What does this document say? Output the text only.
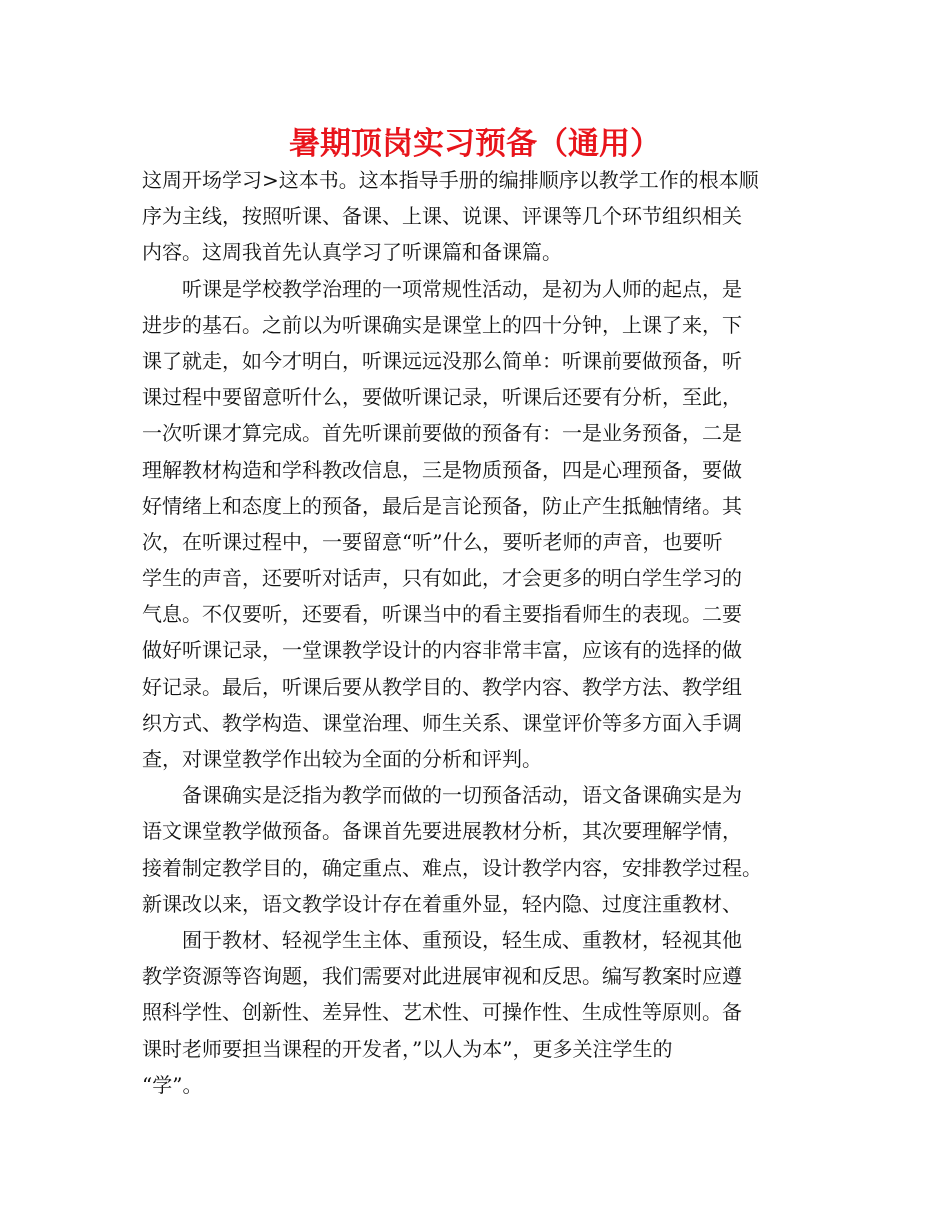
暑期顶岗实习预备（通用）
这周开场学习>这本书。这本指导手册的编排顺序以教学工作的根本顺
序为主线，按照听课、备课、上课、说课、评课等几个环节组织相关
内容。这周我首先认真学习了听课篇和备课篇。
　　听课是学校教学治理的一项常规性活动，是初为人师的起点，是
进步的基石。之前以为听课确实是课堂上的四十分钟，上课了来，下
课了就走，如今才明白，听课远远没那么简单：听课前要做预备，听
课过程中要留意听什么，要做听课记录，听课后还要有分析，至此，
一次听课才算完成。首先听课前要做的预备有：一是业务预备，二是
理解教材构造和学科教改信息，三是物质预备，四是心理预备，要做
好情绪上和态度上的预备，最后是言论预备，防止产生抵触情绪。其
次，在听课过程中，一要留意“听”什么，要听老师的声音，也要听
学生的声音，还要听对话声，只有如此，才会更多的明白学生学习的
气息。不仅要听，还要看，听课当中的看主要指看师生的表现。二要
做好听课记录，一堂课教学设计的内容非常丰富，应该有的选择的做
好记录。最后，听课后要从教学目的、教学内容、教学方法、教学组
织方式、教学构造、课堂治理、师生关系、课堂评价等多方面入手调
查，对课堂教学作出较为全面的分析和评判。
　　备课确实是泛指为教学而做的一切预备活动，语文备课确实是为
语文课堂教学做预备。备课首先要进展教材分析，其次要理解学情，
接着制定教学目的，确定重点、难点，设计教学内容，安排教学过程。
新课改以来，语文教学设计存在着重外显，轻内隐、过度注重教材、
　　囿于教材、轻视学生主体、重预设，轻生成、重教材，轻视其他
教学资源等咨询题，我们需要对此进展审视和反思。编写教案时应遵
照科学性、创新性、差异性、艺术性、可操作性、生成性等原则。备
课时老师要担当课程的开发者，”以人为本”，更多关注学生的
“学”。
